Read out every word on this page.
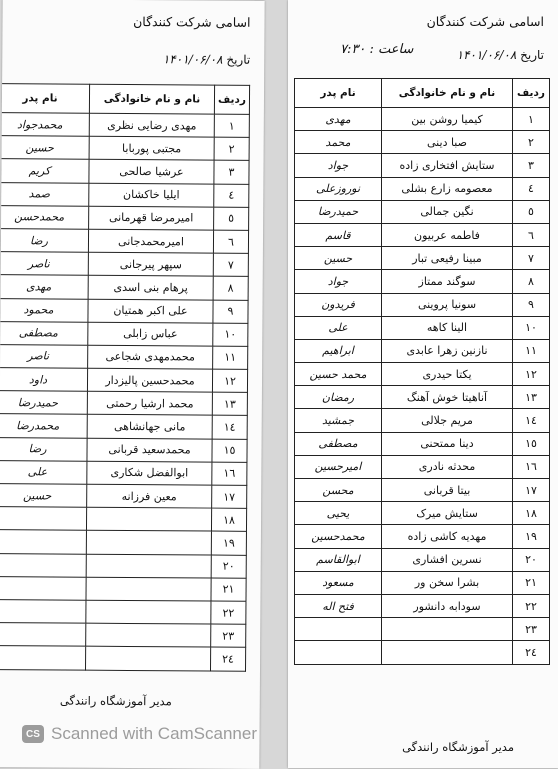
اسامی شرکت کنندگان
تاریخ ۱۴۰۱/۰۶/۰۸
ردیف	نام و نام خانوادگی	نام پدر
۱	مهدی رضایی نظری	محمدجواد
۲	مجتبی پوربابا	حسین
۳	عرشیا صالحی	کریم
٤	ایلیا خاکشان	صمد
٥	امیرمرضا قهرمانی	محمدحسن
٦	امیرمحمدجانی	رضا
۷	سپهر پیرجانی	ناصر
۸	پرهام بنی اسدی	مهدی
۹	علی اکبر همتیان	محمود
۱۰	عباس زابلی	مصطفی
۱۱	محمدمهدی شجاعی	ناصر
۱۲	محمدحسین پالیزدار	داود
۱۳	محمد ارشیا رحمتی	حمیدرضا
۱٤	مانی جهانشاهی	محمدرضا
۱٥	محمدسعید قربانی	رضا
۱٦	ابوالفضل شکاری	علی
۱۷	معین فرزانه	حسین
۱۸		
۱۹		
۲۰		
۲۱		
۲۲		
۲۳		
۲٤		
مدیر آموزشگاه رانندگی
اسامی شرکت کنندگان
تاریخ ۱۴۰۱/۰۶/۰۸
ساعت : ۷:۳۰
ردیف	نام و نام خانوادگی	نام پدر
۱	کیمیا روشن بین	مهدی
۲	صبا دینی	محمد
۳	ستایش افتخاری زاده	جواد
٤	معصومه زارع بشلی	نوروزعلی
٥	نگین جمالی	حمیدرضا
٦	فاطمه عربیون	قاسم
۷	مبینا رفیعی تبار	حسین
۸	سوگند ممتاز	جواد
۹	سونیا پروینی	فریدون
۱۰	الینا کاهه	علی
۱۱	نازنین زهرا عابدی	ابراهیم
۱۲	یکتا حیدری	محمد حسین
۱۳	آناهیتا خوش آهنگ	رمضان
۱٤	مریم جلالی	جمشید
۱٥	دینا ممتحنی	مصطفی
۱٦	محدثه نادری	امیرحسین
۱۷	بیتا قربانی	محسن
۱۸	ستایش میرک	یحیی
۱۹	مهدیه کاشی زاده	محمدحسین
۲۰	نسرین افشاری	ابوالقاسم
۲۱	بشرا سخن ور	مسعود
۲۲	سودابه دانشور	فتح اله
۲۳		
۲٤		
مدیر آموزشگاه رانندگی
CS Scanned with CamScanner
